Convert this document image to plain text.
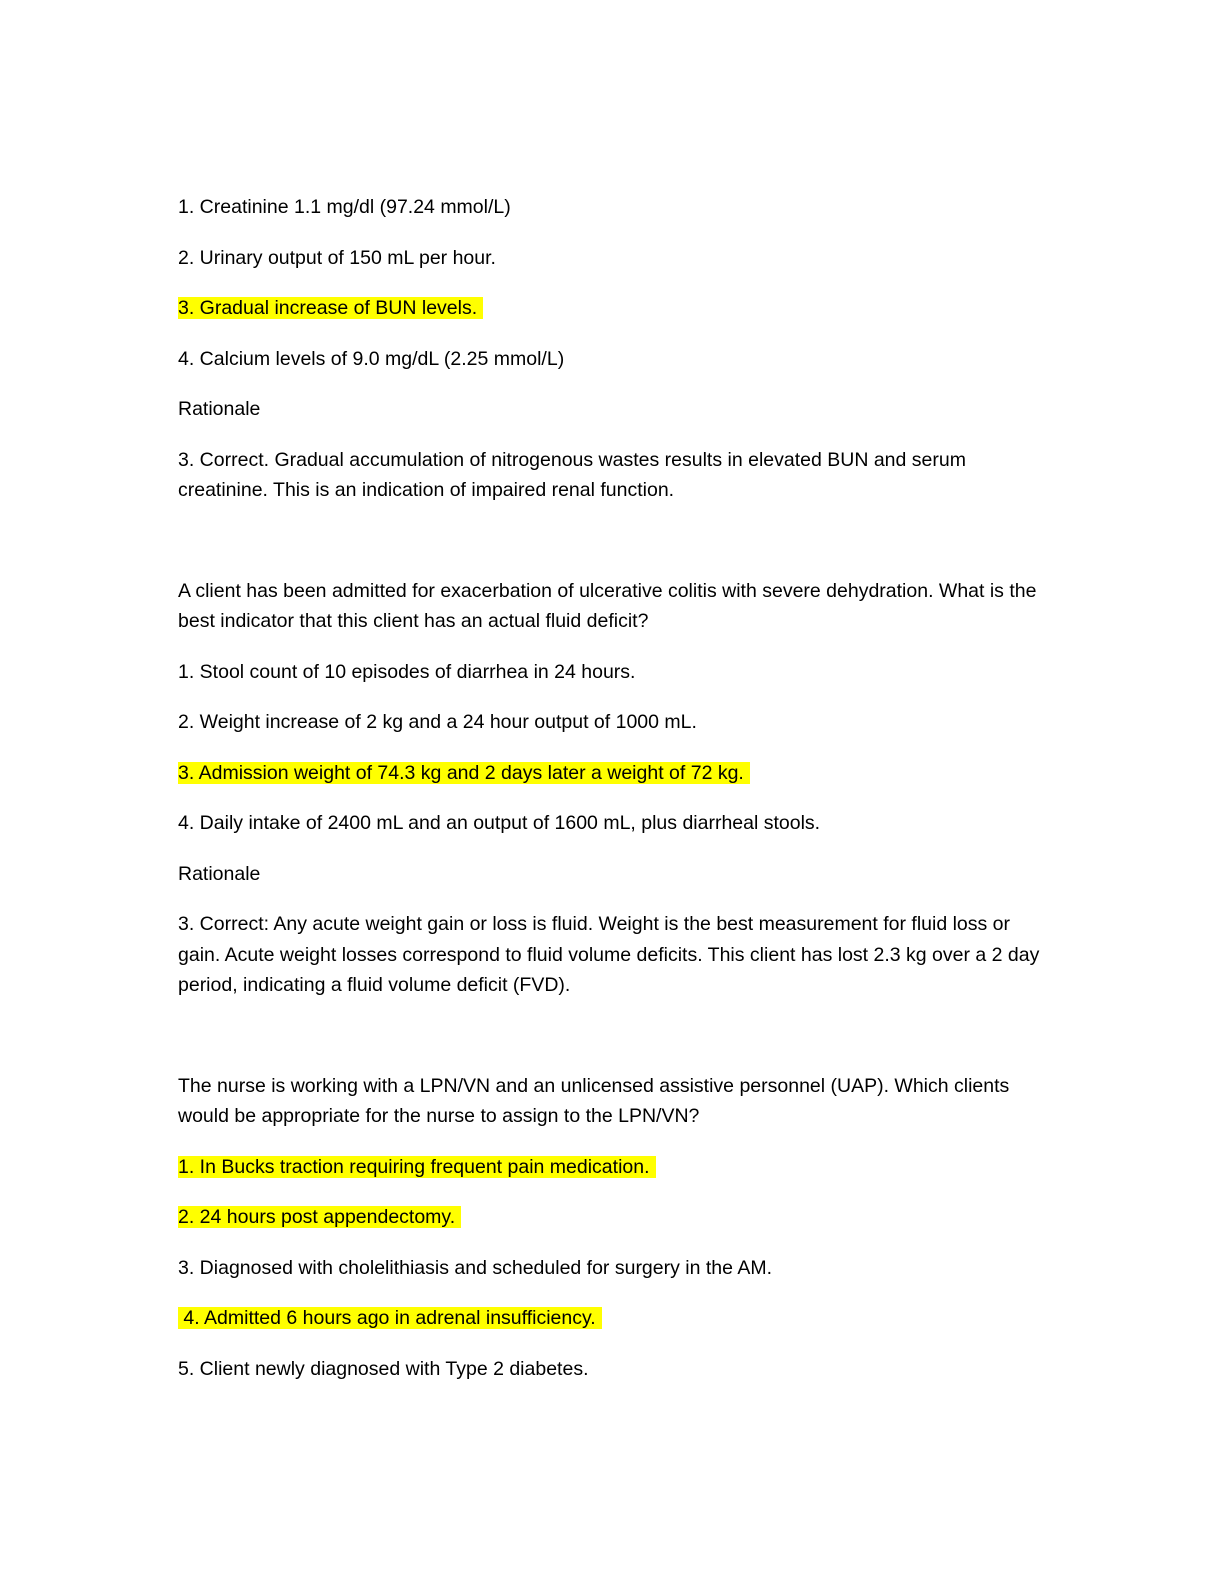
1. Creatinine 1.1 mg/dl (97.24 mmol/L)

2. Urinary output of 150 mL per hour.

3. Gradual increase of BUN levels.

4. Calcium levels of 9.0 mg/dL (2.25 mmol/L)

Rationale

3. Correct. Gradual accumulation of nitrogenous wastes results in elevated BUN and serum creatinine. This is an indication of impaired renal function.

A client has been admitted for exacerbation of ulcerative colitis with severe dehydration. What is the best indicator that this client has an actual fluid deficit?

1. Stool count of 10 episodes of diarrhea in 24 hours.

2. Weight increase of 2 kg and a 24 hour output of 1000 mL.

3. Admission weight of 74.3 kg and 2 days later a weight of 72 kg.

4. Daily intake of 2400 mL and an output of 1600 mL, plus diarrheal stools.

Rationale

3. Correct: Any acute weight gain or loss is fluid. Weight is the best measurement for fluid loss or gain. Acute weight losses correspond to fluid volume deficits. This client has lost 2.3 kg over a 2 day period, indicating a fluid volume deficit (FVD).

The nurse is working with a LPN/VN and an unlicensed assistive personnel (UAP). Which clients would be appropriate for the nurse to assign to the LPN/VN?

1. In Bucks traction requiring frequent pain medication.

2. 24 hours post appendectomy.

3. Diagnosed with cholelithiasis and scheduled for surgery in the AM.

4. Admitted 6 hours ago in adrenal insufficiency.

5. Client newly diagnosed with Type 2 diabetes.
